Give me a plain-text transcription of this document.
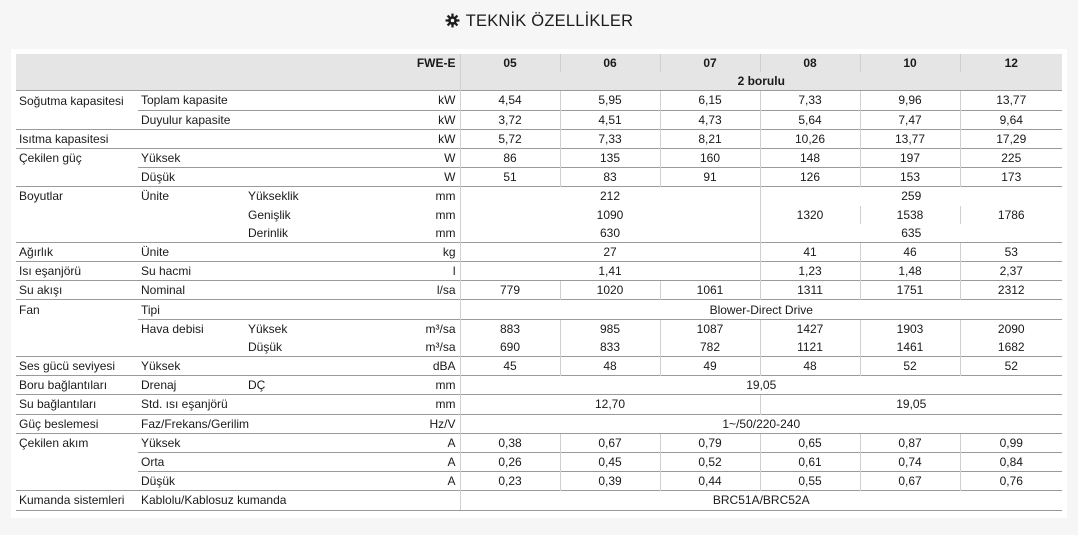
TEKNİK ÖZELLİKLER
			FWE-E	05	06	07	08	10	12
				2 borulu					
Soğutma kapasitesi	Toplam kapasite		kW	4,54	5,95	6,15	7,33	9,96	13,77
	Duyulur kapasite		kW	3,72	4,51	4,73	5,64	7,47	9,64
Isıtma kapasitesi			kW	5,72	7,33	8,21	10,26	13,77	17,29
Çekilen güç	Yüksek		W	86	135	160	148	197	225
	Düşük		W	51	83	91	126	153	173
Boyutlar	Ünite	Yükseklik	mm	212			259		
		Genişlik	mm	1090			1320	1538	1786
		Derinlik	mm	630			635		
Ağırlık	Ünite		kg	27			41	46	53
Isı eşanjörü	Su hacmi		l	1,41			1,23	1,48	2,37
Su akışı	Nominal		l/sa	779	1020	1061	1311	1751	2312
Fan	Tipi			Blower-Direct Drive					
	Hava debisi	Yüksek	m³/sa	883	985	1087	1427	1903	2090
		Düşük	m³/sa	690	833	782	1121	1461	1682
Ses gücü seviyesi	Yüksek		dBA	45	48	49	48	52	52
Boru bağlantıları	Drenaj	DÇ	mm	19,05					
Su bağlantıları	Std. ısı eşanjörü		mm	12,70			19,05		
Güç beslemesi	Faz/Frekans/Gerilim		Hz/V	1~/50/220-240					
Çekilen akım	Yüksek		A	0,38	0,67	0,79	0,65	0,87	0,99
	Orta		A	0,26	0,45	0,52	0,61	0,74	0,84
	Düşük		A	0,23	0,39	0,44	0,55	0,67	0,76
Kumanda sistemleri	Kablolu/Kablosuz kumanda			BRC51A/BRC52A					
